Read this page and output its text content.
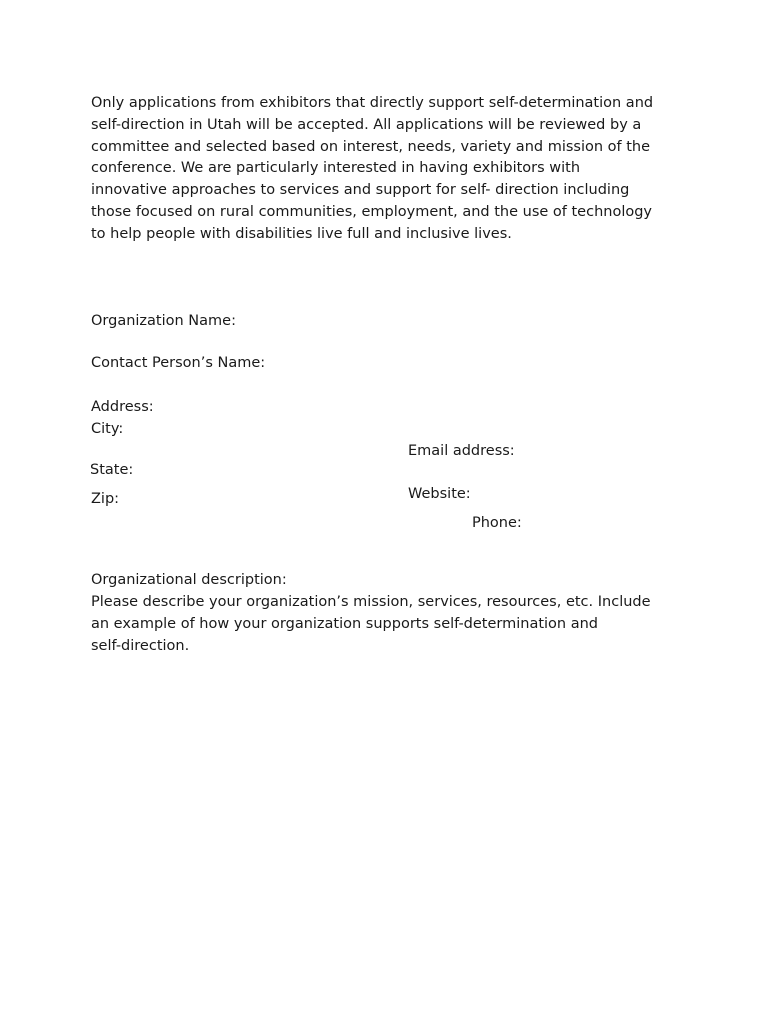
Only applications from exhibitors that directly support self-determination and

self-direction in Utah will be accepted. All applications will be reviewed by a

committee and selected based on interest, needs, variety and mission of the

conference. We are particularly interested in having exhibitors with

innovative approaches to services and support for self- direction including

those focused on rural communities, employment, and the use of technology

to help people with disabilities live full and inclusive lives.

Organization Name:

Contact Person’s Name:

Address:

City:

Email address:

State:

Website:

Zip:

Phone:

Organizational description:

Please describe your organization’s mission, services, resources, etc. Include

an example of how your organization supports self-determination and

self-direction.
